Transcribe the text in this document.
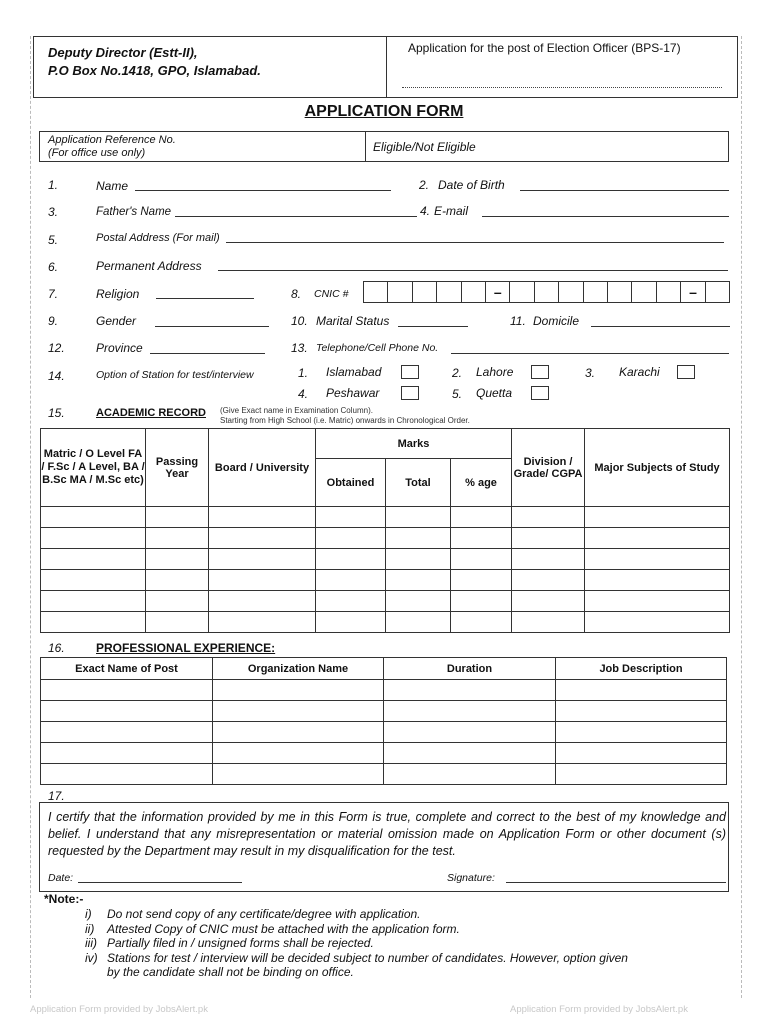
Deputy Director (Estt-II),
P.O Box No.1418, GPO, Islamabad.
Application for the post of Election Officer (BPS-17)
APPLICATION FORM
Application Reference No.
(For office use only)	Eligible/Not Eligible
1.	Name	2. Date of Birth
3.	Father's Name	4. E-mail
5.	Postal Address (For mail)
6.	Permanent Address
7.	Religion	8. CNIC #	–	–
9.	Gender	10. Marital Status	11. Domicile
12.	Province	13. Telephone/Cell Phone No.
14.	Option of Station for test/interview	1. Islamabad	2. Lahore	3. Karachi
4. Peshawar	5. Quetta
15.	ACADEMIC RECORD (Give Exact name in Examination Column).
Starting from High School (i.e. Matric) onwards in Chronological Order.
Matric / O Level FA / F.Sc / A Level, BA / B.Sc MA / M.Sc etc)	Passing Year	Board / University	Marks			Division / Grade/ CGPA	Major Subjects of Study
			Obtained	Total	% age		

16.	PROFESSIONAL EXPERIENCE:
Exact Name of Post	Organization Name	Duration	Job Description

17.
I certify that the information provided by me in this Form is true, complete and correct to the best of my knowledge and belief. I understand that any misrepresentation or material omission made on Application Form or other document (s) requested by the Department may result in my disqualification for the test.
Date:	Signature:
*Note:-
i)	Do not send copy of any certificate/degree with application.
ii)	Attested Copy of CNIC must be attached with the application form.
iii) Partially filed in / unsigned forms shall be rejected.
iv) Stations for test / interview will be decided subject to number of candidates. However, option given
by the candidate shall not be binding on office.
Application Form provided by JobsAlert.pk	Application Form provided by JobsAlert.pk
